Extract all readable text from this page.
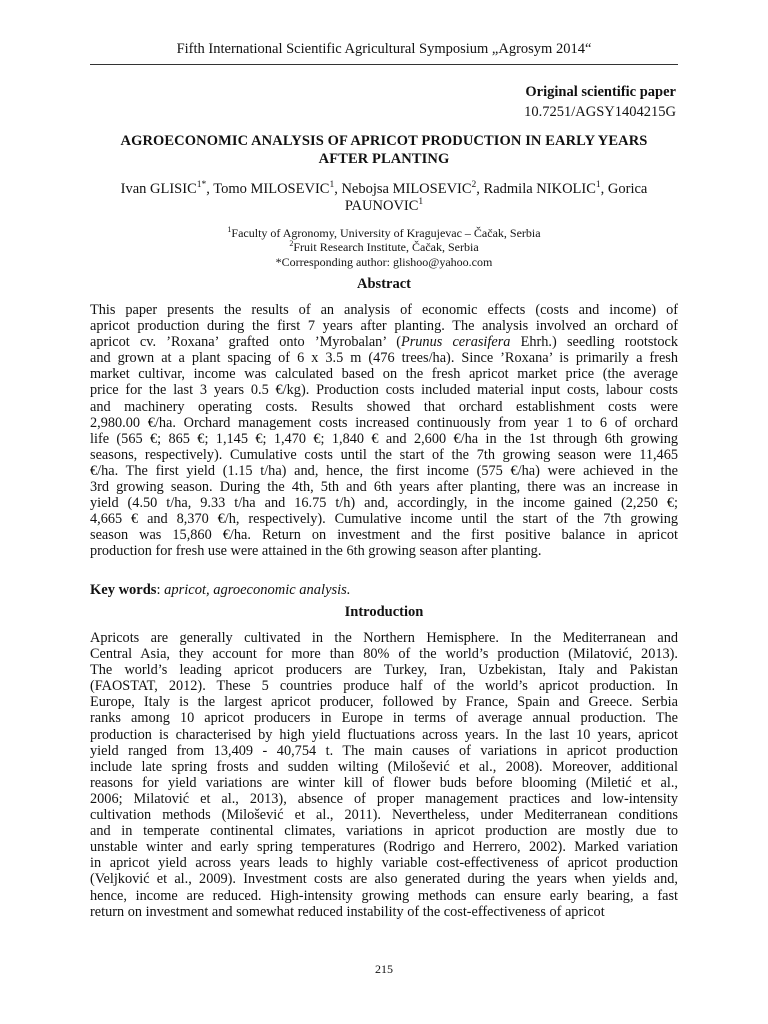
Fifth International Scientific Agricultural Symposium „Agrosym 2014“
Original scientific paper
10.7251/AGSY1404215G
AGROECONOMIC ANALYSIS OF APRICOT PRODUCTION IN EARLY YEARS
AFTER PLANTING
Ivan $GLISIC^{1*}$, Tomo MILOSEVIC$^1$, Nebojsa MILOSEVIC$^2$, Radmila NIKOLIC$^1$, Gorica PAUNOVIC$^1$
$^1$Faculty of Agronomy, University of Kragujevac – Čačak, Serbia
$^2$Fruit Research Institute, Čačak, Serbia
*Corresponding author: glishoo@yahoo.com
Abstract
This paper presents the results of an analysis of economic effects (costs and income) of
apricot production during the first 7 years after planting. The analysis involved an orchard of
apricot cv. ’Roxana’ grafted onto ’Myrobalan’ (Prunus cerasifera Ehrh.) seedling rootstock
and grown at a plant spacing of 6 x 3.5 m (476 trees/ha). Since ’Roxana’ is primarily a fresh
market cultivar, income was calculated based on the fresh apricot market price (the average
price for the last 3 years 0.5 €/kg). Production costs included material input costs, labour costs
and machinery operating costs. Results showed that orchard establishment costs were
2,980.00 €/ha. Orchard management costs increased continuously from year 1 to 6 of orchard
life (565 €; 865 €; 1,145 €; 1,470 €; 1,840 € and 2,600 €/ha in the 1st through 6th growing
seasons, respectively). Cumulative costs until the start of the 7th growing season were 11,465
€/ha. The first yield (1.15 t/ha) and, hence, the first income (575 €/ha) were achieved in the
3rd growing season. During the 4th, 5th and 6th years after planting, there was an increase in
yield (4.50 t/ha, 9.33 t/ha and 16.75 t/h) and, accordingly, in the income gained (2,250 €;
4,665 € and 8,370 €/h, respectively). Cumulative income until the start of the 7th growing
season was 15,860 €/ha. Return on investment and the first positive balance in apricot
production for fresh use were attained in the 6th growing season after planting.
Key words: apricot, agroeconomic analysis.
Introduction
Apricots are generally cultivated in the Northern Hemisphere. In the Mediterranean and
Central Asia, they account for more than 80% of the world’s production (Milatović, 2013).
The world’s leading apricot producers are Turkey, Iran, Uzbekistan, Italy and Pakistan
(FAOSTAT, 2012). These 5 countries produce half of the world’s apricot production. In
Europe, Italy is the largest apricot producer, followed by France, Spain and Greece. Serbia
ranks among 10 apricot producers in Europe in terms of average annual production. The
production is characterised by high yield fluctuations across years. In the last 10 years, apricot
yield ranged from 13,409 - 40,754 t. The main causes of variations in apricot production
include late spring frosts and sudden wilting (Milošević et al., 2008). Moreover, additional
reasons for yield variations are winter kill of flower buds before blooming (Miletić et al.,
2006; Milatović et al., 2013), absence of proper management practices and low-intensity
cultivation methods (Milošević et al., 2011). Nevertheless, under Mediterranean conditions
and in temperate continental climates, variations in apricot production are mostly due to
unstable winter and early spring temperatures (Rodrigo and Herrero, 2002). Marked variation
in apricot yield across years leads to highly variable cost-effectiveness of apricot production
(Veljković et al., 2009). Investment costs are also generated during the years when yields and,
hence, income are reduced. High-intensity growing methods can ensure early bearing, a fast
return on investment and somewhat reduced instability of the cost-effectiveness of apricot
215
